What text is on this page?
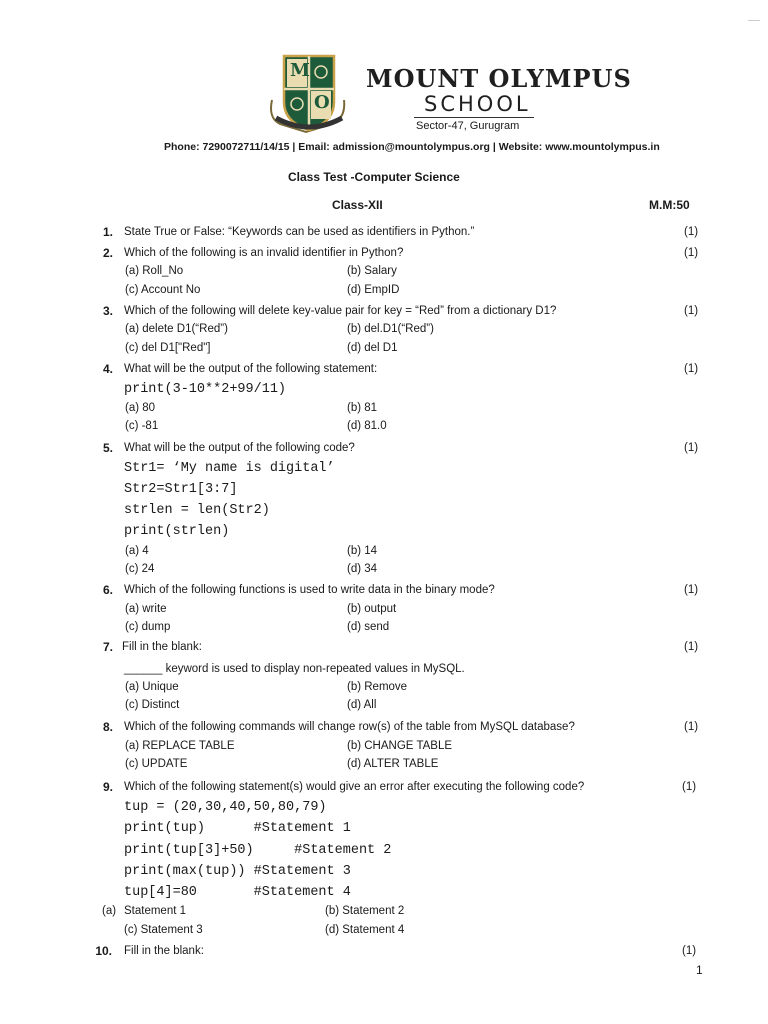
M
O
MOUNT OLYMPUS
SCHOOL
Sector-47, Gurugram
Phone: 7290072711/14/15 | Email: admission@mountolympus.org | Website: www.mountolympus.in
Class Test -Computer Science
Class-XII	M.M:50
1. State True or False: “Keywords can be used as identifiers in Python.”	(1)
2. Which of the following is an invalid identifier in Python?	(1)
(a) Roll_No	(b) Salary
(c) Account No	(d) EmpID
3. Which of the following will delete key-value pair for key = “Red” from a dictionary D1?	(1)
(a) delete D1(“Red”)	(b) del.D1(“Red”)
(c) del D1["Red"]	(d) del D1
4. What will be the output of the following statement:	(1)
print(3-10**2+99/11)
(a) 80	(b) 81
(c) -81	(d) 81.0
5. What will be the output of the following code?	(1)
Str1= ‘My name is digital’
Str2=Str1[3:7]
strlen = len(Str2)
print(strlen)
(a) 4	(b) 14
(c) 24	(d) 34
6. Which of the following functions is used to write data in the binary mode?	(1)
(a) write	(b) output
(c) dump	(d) send
7. Fill in the blank:	(1)
______ keyword is used to display non-repeated values in MySQL.
(a) Unique	(b) Remove
(c) Distinct	(d) All
8. Which of the following commands will change row(s) of the table from MySQL database?	(1)
(a) REPLACE TABLE	(b) CHANGE TABLE
(c) UPDATE	(d) ALTER TABLE
9. Which of the following statement(s) would give an error after executing the following code?	(1)
tup = (20,30,40,50,80,79)
print(tup)      #Statement 1
print(tup[3]+50)     #Statement 2
print(max(tup)) #Statement 3
tup[4]=80       #Statement 4
(a) Statement 1	(b) Statement 2
(c) Statement 3	(d) Statement 4
10. Fill in the blank:	(1)
1
